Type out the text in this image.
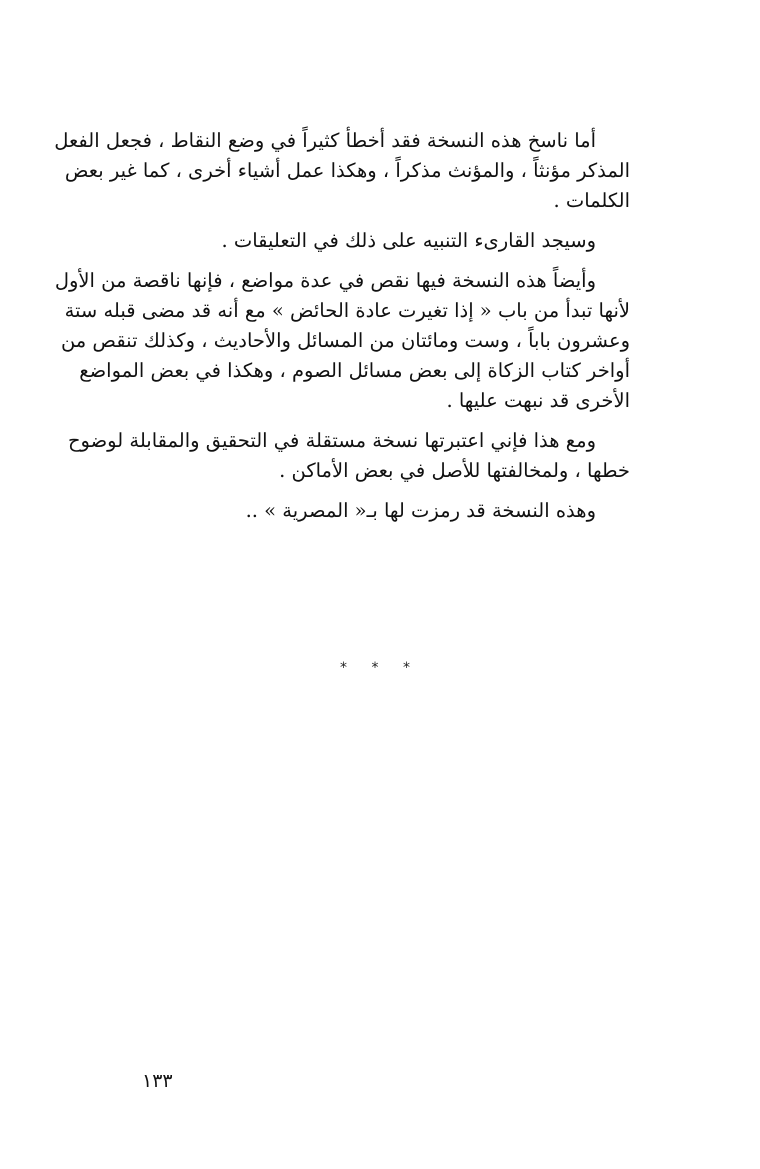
أما ناسخ هذه النسخة فقد أخطأ كثيراً في وضع النقاط ، فجعل الفعل
المذكر مؤنثاً ، والمؤنث مذكراً ، وهكذا عمل أشياء أخرى ، كما غير بعض
الكلمات .
وسيجد القارىء التنبيه على ذلك في التعليقات .
وأيضاً هذه النسخة فيها نقص في عدة مواضع ، فإنها ناقصة من الأول
لأنها تبدأ من باب « إذا تغيرت عادة الحائض » مع أنه قد مضى قبله ستة
وعشرون باباً ، وست ومائتان من المسائل والأحاديث ، وكذلك تنقص من
أواخر كتاب الزكاة إلى بعض مسائل الصوم ، وهكذا في بعض المواضع
الأخرى قد نبهت عليها .
ومع هذا فإني اعتبرتها نسخة مستقلة في التحقيق والمقابلة لوضوح
خطها ، ولمخالفتها للأصل في بعض الأماكن .
وهذه النسخة قد رمزت لها بـ« المصرية » ..
* * *
١٣٣
